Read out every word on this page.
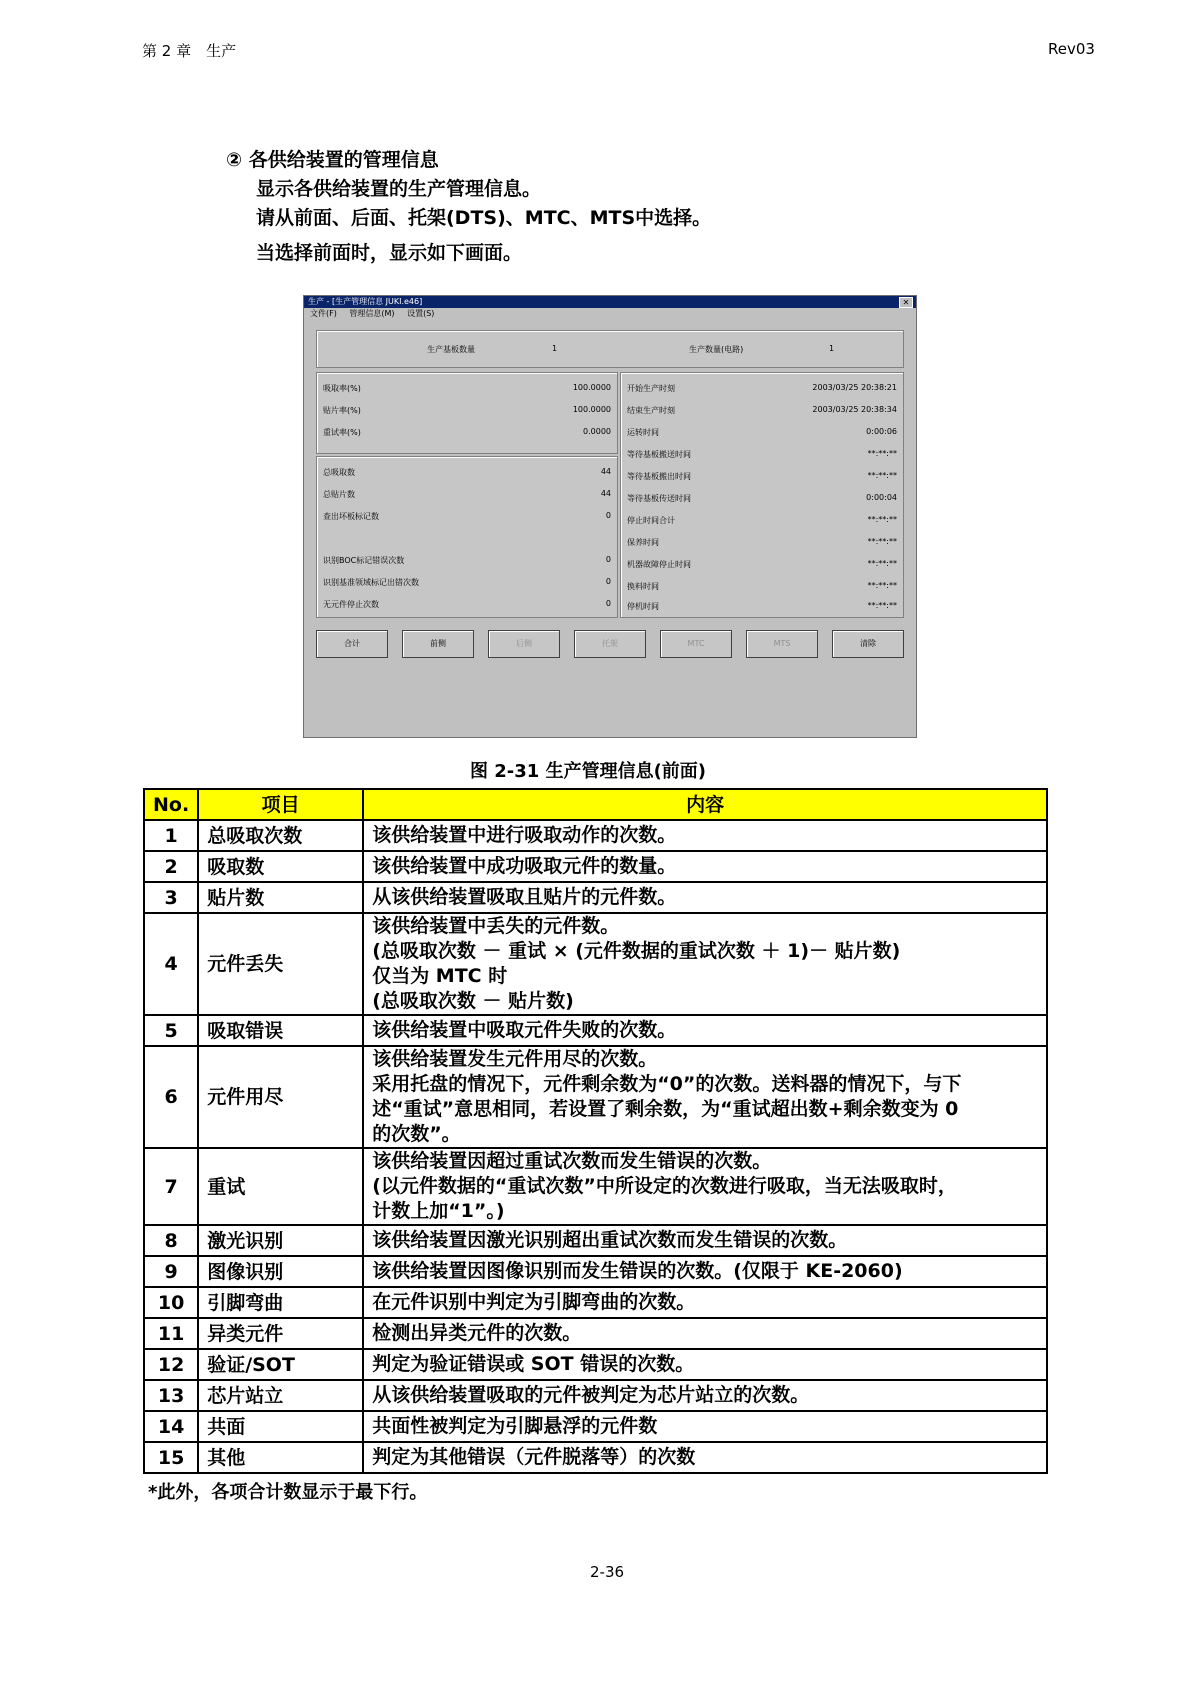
第 2 章　生产	Rev03
② 各供给装置的管理信息
显示各供给装置的生产管理信息。
请从前面、后面、托架(DTS)、MTC、MTS中选择。
当选择前面时，显示如下画面。
生产 - [生产管理信息 JUKI.e46]	✕
文件(F) 管理信息(M) 设置(S)
生产基板数量	1	生产数量(电路)	1
吸取率(%)	100.0000
贴片率(%)	100.0000
重试率(%)	0.0000
总吸取数	44
总贴片数	44
查出坏板标记数	0
识别BOC标记错误次数	0
识别基准领域标记出错次数	0
无元件停止次数	0
开始生产时刻	2003/03/25 20:38:21
结束生产时刻	2003/03/25 20:38:34
运转时间	0:00:06
等待基板搬送时间	**:**:**
等待基板搬出时间	**:**:**
等待基板传送时间	0:00:04
停止时间合计	**:**:**
保养时间	**:**:**
机器故障停止时间	**:**:**
换料时间	**:**:**
停机时间	**:**:**
合计	前侧	后侧	托架	MTC	MTS	清除
图 2-31 生产管理信息(前面)
No.	项目	内容
1	总吸取次数	该供给装置中进行吸取动作的次数。

2	吸取数	该供给装置中成功吸取元件的数量。

3	贴片数	从该供给装置吸取且贴片的元件数。

4	元件丢失	该供给装置中丢失的元件数。
(总吸取次数 － 重试 × (元件数据的重试次数 ＋ 1)－ 贴片数)
仅当为 MTC 时
(总吸取次数 － 贴片数)

5	吸取错误	该供给装置中吸取元件失败的次数。

6	元件用尽	该供给装置发生元件用尽的次数。
采用托盘的情况下，元件剩余数为“0”的次数。送料器的情况下，与下
述“重试”意思相同，若设置了剩余数，为“重试超出数+剩余数变为 0
的次数”。

7	重试	该供给装置因超过重试次数而发生错误的次数。
(以元件数据的“重试次数”中所设定的次数进行吸取，当无法吸取时，
计数上加“1”。)

8	激光识别	该供给装置因激光识别超出重试次数而发生错误的次数。

9	图像识别	该供给装置因图像识别而发生错误的次数。(仅限于 KE-2060)

10	引脚弯曲	在元件识别中判定为引脚弯曲的次数。

11	异类元件	检测出异类元件的次数。

12	验证/SOT	判定为验证错误或 SOT 错误的次数。

13	芯片站立	从该供给装置吸取的元件被判定为芯片站立的次数。

14	共面	共面性被判定为引脚悬浮的元件数

15	其他	判定为其他错误（元件脱落等）的次数
*此外，各项合计数显示于最下行。
2-36
